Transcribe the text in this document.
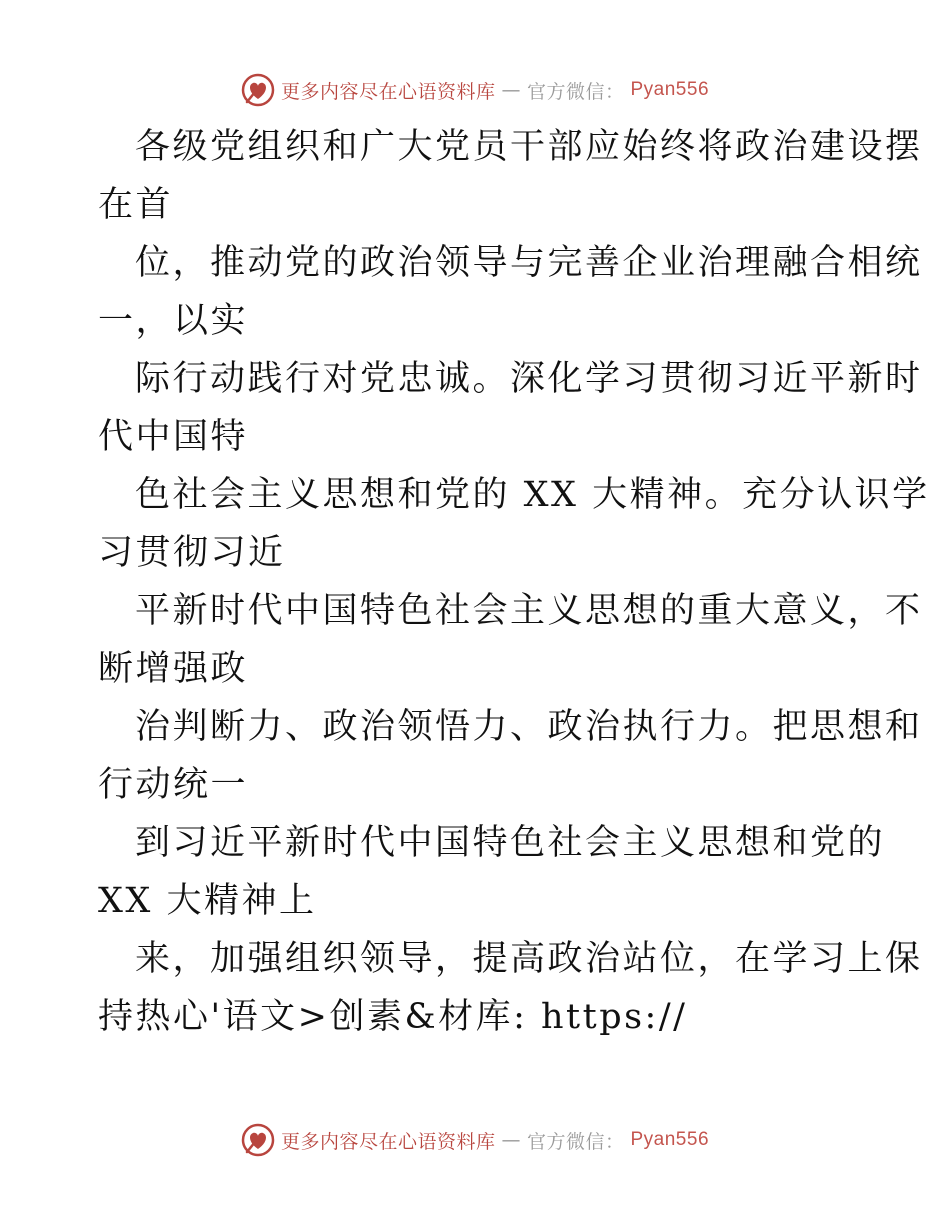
更多内容尽在心语资料库 — 官方微信： Pyan556
各级党组织和广大党员干部应始终将政治建设摆
在首
位，推动党的政治领导与完善企业治理融合相统
一，以实
际行动践行对党忠诚。深化学习贯彻习近平新时
代中国特
色社会主义思想和党的 XX 大精神。充分认识学
习贯彻习近
平新时代中国特色社会主义思想的重大意义，不
断增强政
治判断力、政治领悟力、政治执行力。把思想和
行动统一
到习近平新时代中国特色社会主义思想和党的
XX 大精神上
来，加强组织领导，提高政治站位，在学习上保
持热心'语文>创素&材库: https://
更多内容尽在心语资料库 — 官方微信： Pyan556
